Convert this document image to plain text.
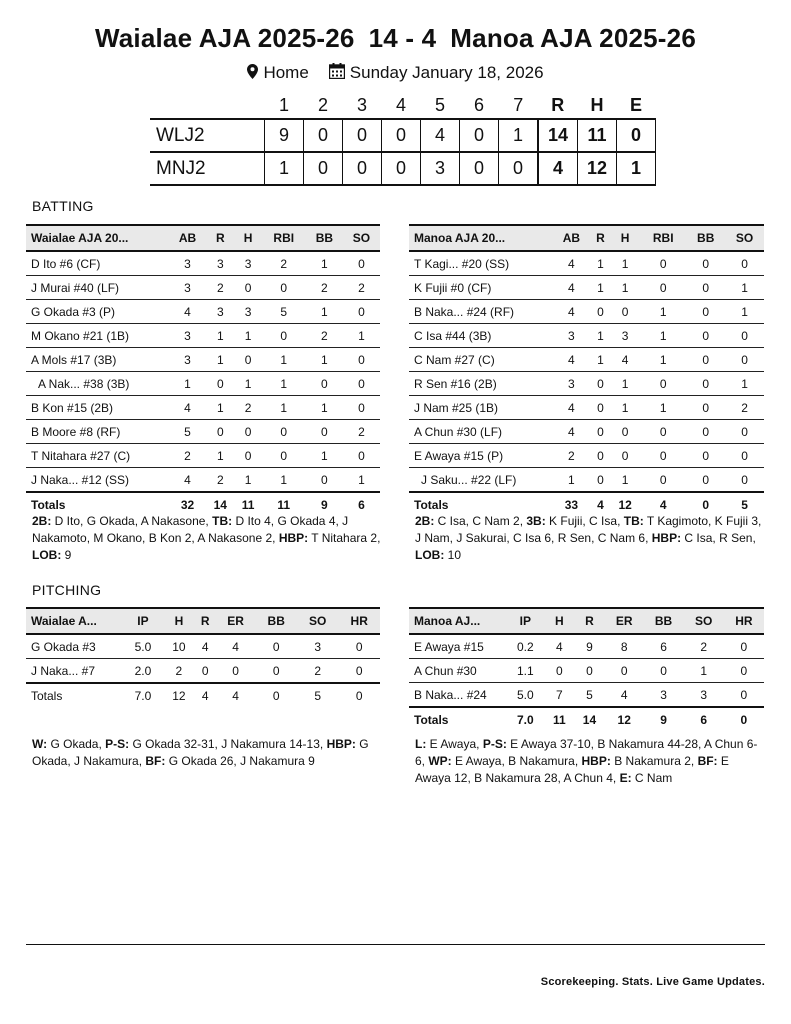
Waialae AJA 2025-26 14 - 4 Manoa AJA 2025-26
Home Sunday January 18, 2026
	1	2	3	4	5	6	7	R	H	E
WLJ2	9	0	0	0	4	0	1	14	11	0
MNJ2	1	0	0	0	3	0	0	4	12	1
BATTING
Waialae AJA 20...	AB	R	H	RBI	BB	SO
D Ito #6 (CF)	3	3	3	2	1	0
J Murai #40 (LF)	3	2	0	0	2	2
G Okada #3 (P)	4	3	3	5	1	0
M Okano #21 (1B)	3	1	1	0	2	1
A Mols #17 (3B)	3	1	0	1	1	0
A Nak... #38 (3B)	1	0	1	1	0	0
B Kon #15 (2B)	4	1	2	1	1	0
B Moore #8 (RF)	5	0	0	0	0	2
T Nitahara #27 (C)	2	1	0	0	1	0
J Naka... #12 (SS)	4	2	1	1	0	1
Totals	32	14	11	11	9	6
Manoa AJA 20...	AB	R	H	RBI	BB	SO
T Kagi... #20 (SS)	4	1	1	0	0	0
K Fujii #0 (CF)	4	1	1	0	0	1
B Naka... #24 (RF)	4	0	0	1	0	1
C Isa #44 (3B)	3	1	3	1	0	0
C Nam #27 (C)	4	1	4	1	0	0
R Sen #16 (2B)	3	0	1	0	0	1
J Nam #25 (1B)	4	0	1	1	0	2
A Chun #30 (LF)	4	0	0	0	0	0
E Awaya #15 (P)	2	0	0	0	0	0
J Saku... #22 (LF)	1	0	1	0	0	0
Totals	33	4	12	4	0	5
2B: D Ito, G Okada, A Nakasone, TB: D Ito 4, G Okada 4, J Nakamoto, M Okano, B Kon 2, A Nakasone 2, HBP: T Nitahara 2, LOB: 9
2B: C Isa, C Nam 2, 3B: K Fujii, C Isa, TB: T Kagimoto, K Fujii 3, J Nam, J Sakurai, C Isa 6, R Sen, C Nam 6, HBP: C Isa, R Sen, LOB: 10
PITCHING
Waialae A...	IP	H	R	ER	BB	SO	HR
G Okada #3	5.0	10	4	4	0	3	0
J Naka... #7	2.0	2	0	0	0	2	0
Totals	7.0	12	4	4	0	5	0
Manoa AJ...	IP	H	R	ER	BB	SO	HR
E Awaya #15	0.2	4	9	8	6	2	0
A Chun #30	1.1	0	0	0	0	1	0
B Naka... #24	5.0	7	5	4	3	3	0
Totals	7.0	11	14	12	9	6	0
W: G Okada, P-S: G Okada 32-31, J Nakamura 14-13, HBP: G Okada, J Nakamura, BF: G Okada 26, J Nakamura 9
L: E Awaya, P-S: E Awaya 37-10, B Nakamura 44-28, A Chun 6-6, WP: E Awaya, B Nakamura, HBP: B Nakamura 2, BF: E Awaya 12, B Nakamura 28, A Chun 4, E: C Nam
Scorekeeping. Stats. Live Game Updates.
